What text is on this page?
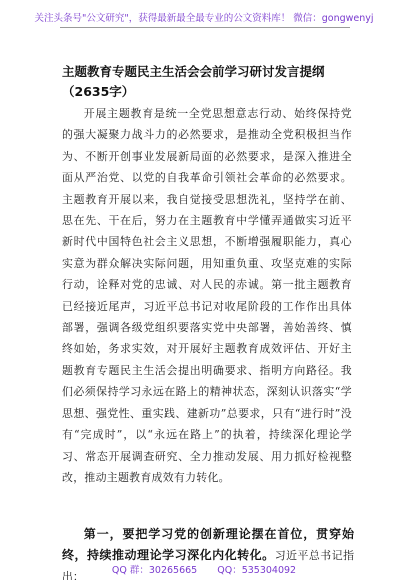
关注头条号"公文研究"，获得最新最全最专业的公文资料库！ 微信：gongwenyj
主题教育专题民主生活会会前学习研讨发言提纲（2635字）

开展主题教育是统一全党思想意志行动、始终保持党的强大凝聚力战斗力的必然要求，是推动全党积极担当作为、不断开创事业发展新局面的必然要求，是深入推进全面从严治党、以党的自我革命引领社会革命的必然要求。主题教育开展以来，我自觉接受思想洗礼，坚持学在前、思在先、干在后，努力在主题教育中学懂弄通做实习近平新时代中国特色社会主义思想，不断增强履职能力，真心实意为群众解决实际问题，用知重负重、攻坚克难的实际行动，诠释对党的忠诚、对人民的赤诚。第一批主题教育已经接近尾声，习近平总书记对收尾阶段的工作作出具体部署，强调各级党组织要落实党中央部署，善始善终、慎终如始，务求实效，对开展好主题教育成效评估、开好主题教育专题民主生活会提出明确要求、指明方向路径。我们必须保持学习永远在路上的精神状态，深刻认识落实“学思想、强党性、重实践、建新功”总要求，只有“进行时”没有“完成时”，以“永远在路上”的执着，持续深化理论学习、常态开展调查研究、全力推动发展、用力抓好检视整改，推动主题教育成效有力转化。

第一，要把学习党的创新理论摆在首位，贯穿始终，持续推动理论学习深化内化转化。习近平总书记指出：	QQ 群：30265665 QQ：535304092
